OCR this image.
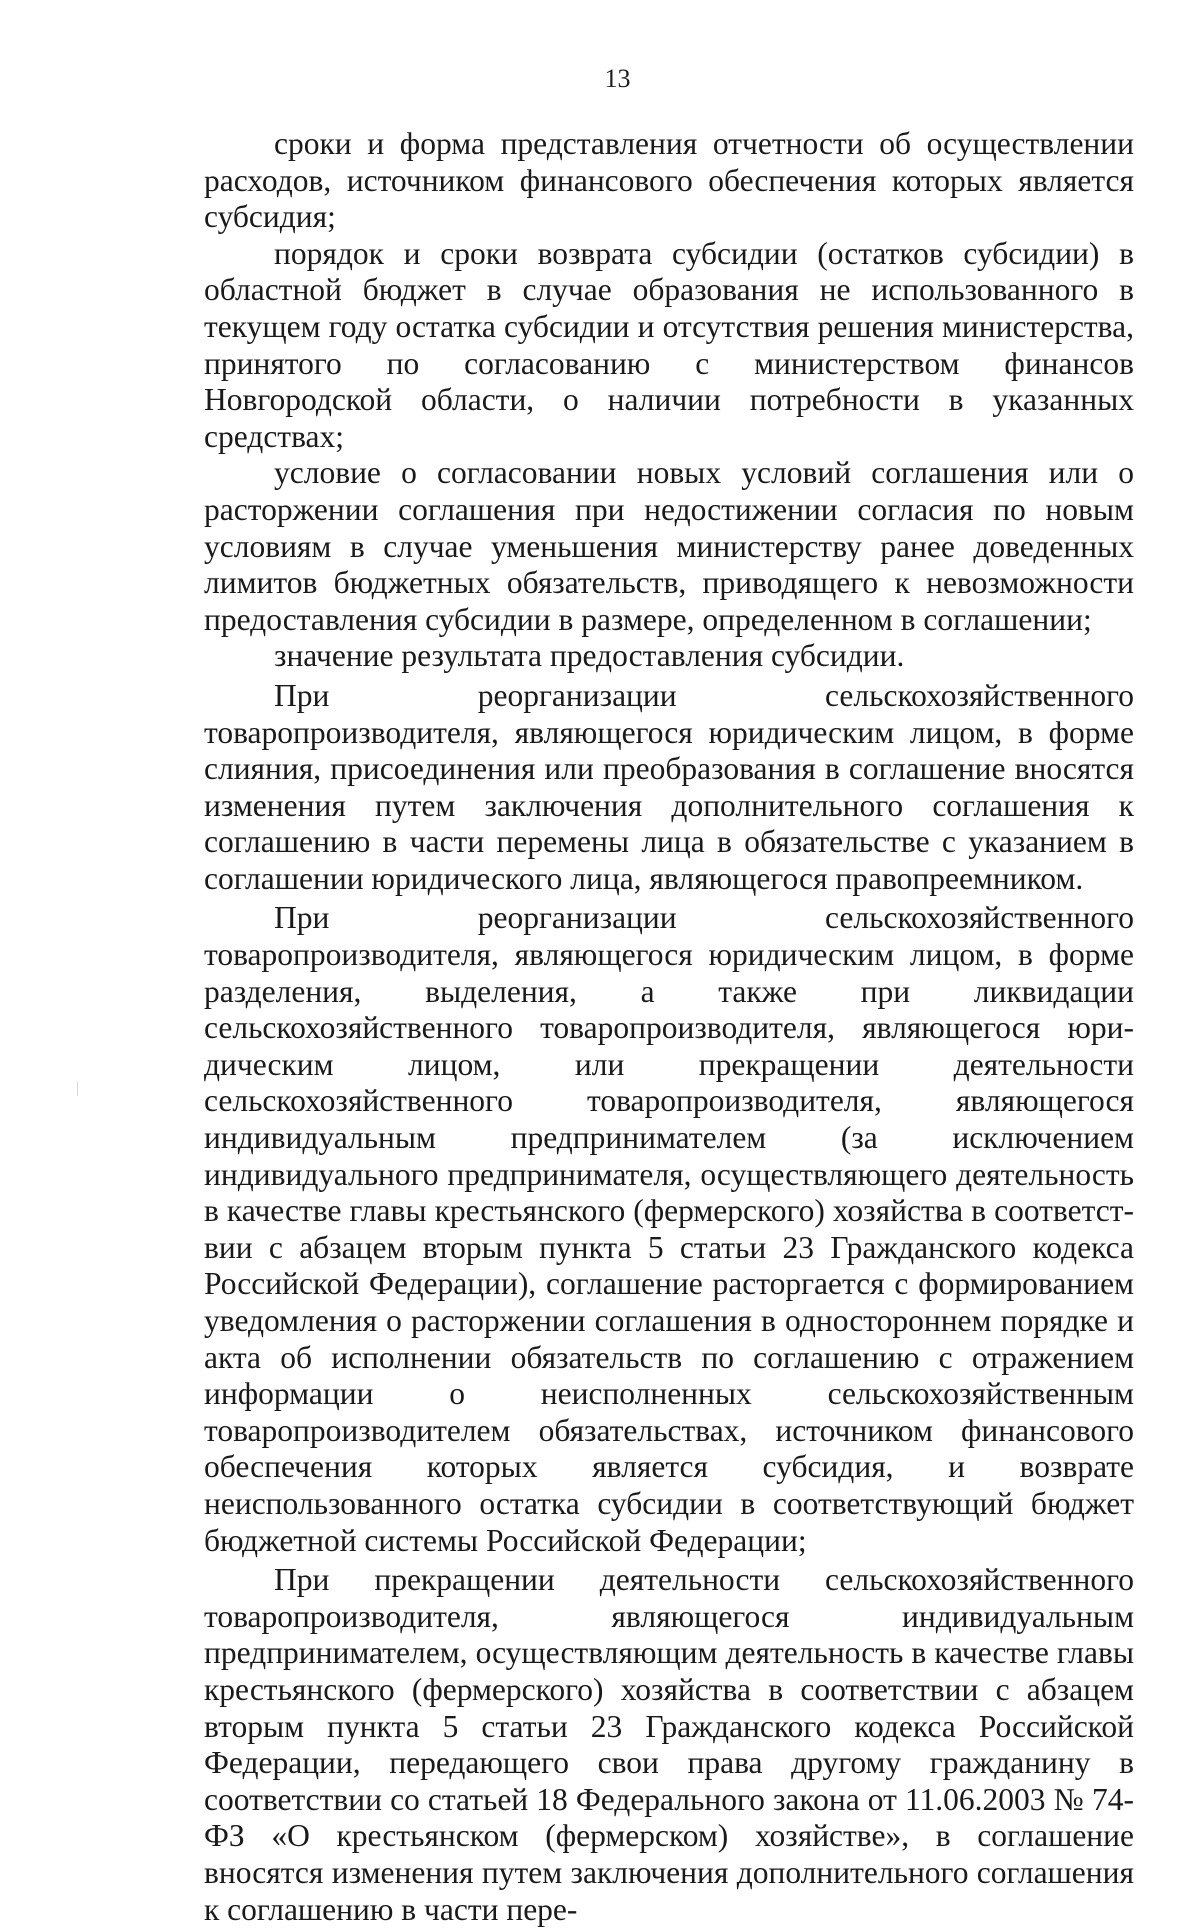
13

сроки и форма представления отчетности об осуществлении расходов, источником финансового обеспечения которых является субсидия;

порядок и сроки возврата субсидии (остатков субсидии) в областной бюджет в случае образования не использованного в текущем году остатка субсидии и отсутствия решения министерства, принятого по согласованию с министерством финансов Новгородской области, о наличии потребности в указанных средствах;

условие о согласовании новых условий соглашения или о расторжении соглашения при недостижении согласия по новым условиям в случае уменьшения министерству ранее доведенных лимитов бюджетных обязательств, приводящего к невозможности предоставления субсидии в размере, определенном в соглашении;

значение результата предоставления субсидии.

При реорганизации сельскохозяйственного товаропроизводителя, являющегося юридическим лицом, в форме слияния, присоединения или преобразования в соглашение вносятся изменения путем заключения дополнительного соглашения к соглашению в части перемены лица в обязательстве с указанием в соглашении юридического лица, являющегося правопреемником.

При реорганизации сельскохозяйственного товаропроизводителя, являющегося юридическим лицом, в форме разделения, выделения, а также при ликвидации сельскохозяйственного товаропроизводителя, являющегося юридическим лицом, или прекращении деятельности сельскохозяйственного товаропроизводителя, являющегося индивидуальным предпринимателем (за исключением индивидуального предпринимателя, осуществляющего деятельность в качестве главы крестьянского (фермерского) хозяйства в соответствии с абзацем вторым пункта 5 статьи 23 Гражданского кодекса Российской Федерации), соглашение расторгается с формированием уведомления о расторжении соглашения в одностороннем порядке и акта об исполнении обязательств по соглашению с отражением информации о неисполненных сельскохозяйственным товаропроизводителем обязательствах, источником финансового обеспечения которых является субсидия, и возврате неиспользованного остатка субсидии в соответствующий бюджет бюджетной системы Российской Федерации;

При прекращении деятельности сельскохозяйственного товаропроизводителя, являющегося индивидуальным предпринимателем, осуществляющим деятельность в качестве главы крестьянского (фермерского) хозяйства в соответствии с абзацем вторым пункта 5 статьи 23 Гражданского кодекса Российской Федерации, передающего свои права другому гражданину в соответствии со статьей 18 Федерального закона от 11.06.2003 № 74-ФЗ «О крестьянском (фермерском) хозяйстве», в соглашение вносятся изменения путем заключения дополнительного соглашения к соглашению в части пере-
